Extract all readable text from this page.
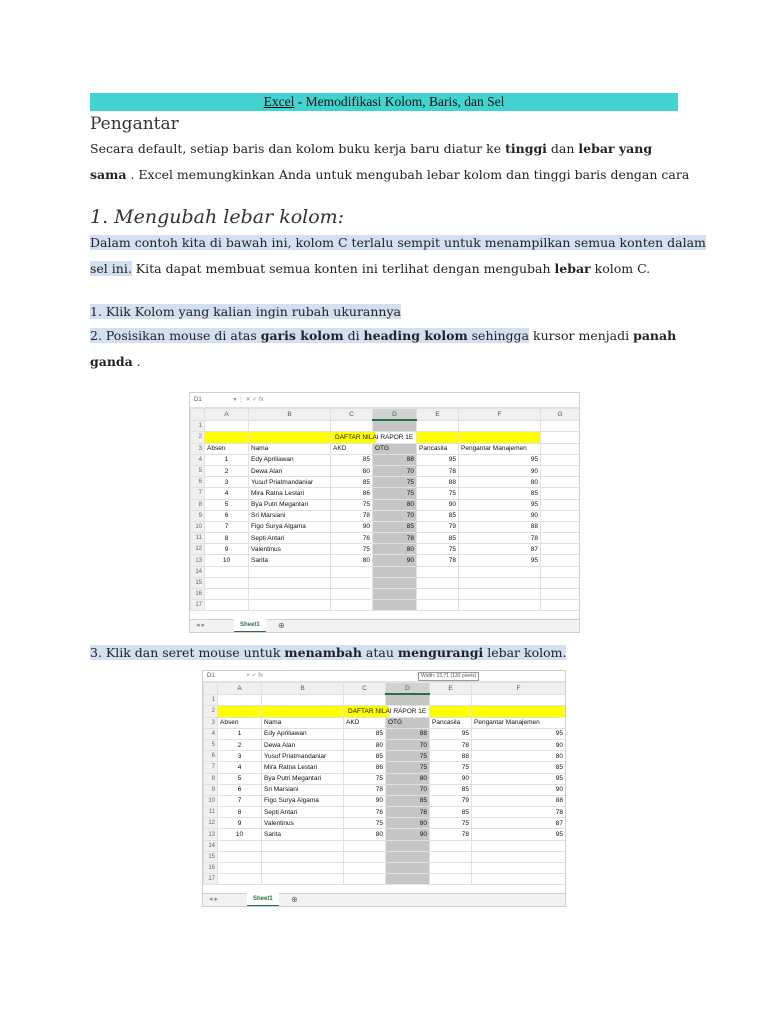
Excel - Memodifikasi Kolom, Baris, dan Sel
Pengantar
Secara default, setiap baris dan kolom buku kerja baru diatur ke tinggi dan lebar yang
sama . Excel memungkinkan Anda untuk mengubah lebar kolom dan tinggi baris dengan cara
1. Mengubah lebar kolom:
Dalam contoh kita di bawah ini, kolom C terlalu sempit untuk menampilkan semua konten dalam
sel ini. Kita dapat membuat semua konten ini terlihat dengan mengubah lebar kolom C.
1. Klik Kolom yang kalian ingin rubah ukurannya
2. Posisikan mouse di atas garis kolom di heading kolom sehingga kursor menjadi panah
ganda .
D1	▾ ⋮ ✕ ✓ fx
	A	B	C	D	E	F	G
1							
2				DAFTAR NILAI RAPOR 1E			
3	Absen	Nama	AKD	OTG	Pancasila	Pengantar Manajemen	
4	1	Edy Apriliawan	85	88	95	95	
5	2	Dewa Alan	80	70	78	90	
6	3	Yusuf Priatmandaniar	85	75	88	80	
7	4	Mira Ratna Lestari	86	75	75	85	
8	5	Bya Putri Megantari	75	80	90	95	
9	6	Sri Marsiani	78	70	85	90	
10	7	Figo Surya Algama	90	85	79	88	
11	8	Septi Antari	76	78	85	78	
12	9	Valentinus	75	80	75	87	
13	10	Sarita	80	90	78	95	
14							
15							
16							
17							
◂ ▸	Sheet1	⊕
3. Klik dan seret mouse untuk menambah atau mengurangi lebar kolom.
D1	× ✓ fx	Width: 15.71 (130 pixels)
	A	B	C	D	E	F
1						
2				DAFTAR NILAI RAPOR 1E		
3	Absen	Nama	AKD	OTG	Pancasila	Pengantar Manajemen
4	1	Edy Apriliawan	85	88	95	95
5	2	Dewa Alan	80	70	78	90
6	3	Yusuf Priatmandaniar	85	75	88	80
7	4	Mira Ratna Lestari	86	75	75	85
8	5	Bya Putri Megantari	75	80	90	95
9	6	Sri Marsiani	78	70	85	90
10	7	Figo Surya Algama	90	85	79	88
11	8	Septi Antari	76	78	85	78
12	9	Valentinus	75	80	75	87
13	10	Sarita	80	90	78	95
14						
15						
16						
17						
◂ ▸	Sheet1	⊕
